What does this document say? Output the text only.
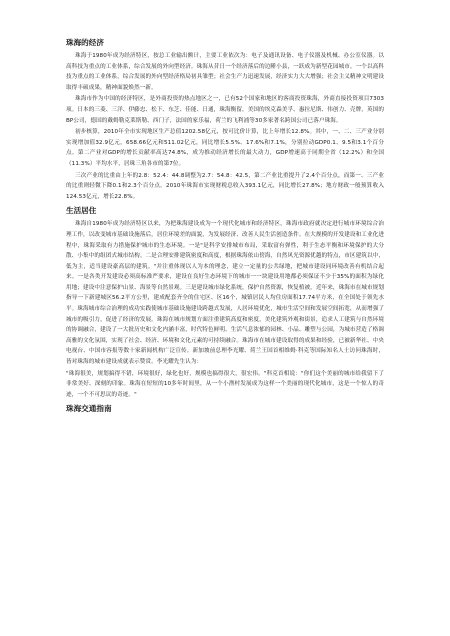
珠海的经济

珠海于1980年成为经济特区，按总工业输出额计，主要工业依次为：电子及通讯设备、电子仪器及机械、办公室仪器。以高科技为重点的工业体系，综合发展的外向型经济。珠海从昔日一个经济落后的边陲小县，一跃成为新型花园城市。一个以高科技为重点的工业体系，综合发展的外向型经济格局初具雏型；社会生产力迅速发展，经济实力大大增强；社会主义精神文明建设取得丰硕成果，精神面貌焕然一新。

珠海市作为中国的经济特区，是外商投资的热点地区之一，已有52个国家和地区的客商投资珠海，外商直接投资项目7303项。日本的三菱、三洋、伊藤忠、松下、东芝、佳能、日通，珠海衡留，美国的埃克森美孚、惠拉尼斯、伟创力、壳牌，英国的BP公司，德国的戴姆勒克莱斯勒、西门子，法国的家乐福，荷兰的飞利浦等30多家著名跨国公司已落户珠海。

初步核算，2010年全市实现地区生产总值1202.58亿元，按可比价计算，比上年增长12.8%。其中，一、二、三产业分别实现增加值32.9亿元，658.66亿元和511.02亿元，同比增长5.5%、17.6%和7.1%，分别拉动GDP0.1、9.5和3.1个百分点。第二产业对GDP的增长贡献率高达74.8%，成为推动经济增长的最大动力，GDP增速高于同期全省（12.2%）和全国（11.3%）平均水平，居珠三角各市的第7位。

三次产业的比重由上年的2.8：52.4：44.8调整为2.7：54.8：42.5，第二产业比重提升了2.4个百分点，而第一、三产业的比重则轻微下降0.1和2.3个百分点。2010年珠海市实现财税总收入393.1亿元，同比增长27.8%；地方财政一般预算收入124.53亿元，增长22.8%。

生活居住

珠海自1980年成为经济特区以来，为把珠海建设成为一个现代化城市和经济特区，珠海市政府就决定进行城市环境综合治理工作，以改变城市基础设施落后，居住环境差的面貌，为发展经济、改善人民生活创造条件。在大规模的开发建设和工业化进程中，珠海采取有力措施保护城市的生态环境。一是"是科学安排城市布局，采取富有弹性，利于生态平衡和环境保护的大分散、小集中的组团式城市结构。二是合理安排建筑密度和高度，根据珠海依山傍海，自然风光资源优越的特点，市区建筑以中，低为主，适当建设豪高层的建筑。"并注重体现以人为本的理念，建立一定量的公共绿地，把城市建设同环境改善有机结合起来。一是各类开发建设必须高标准严要求，建设在良好生态环境下的城市一一块建设用地都必须保证不少于35%的面积为绿化用地；建设中注意保护山景、海景等自然景观。三是建设城市绿化系统，保护自然资源，恢复植被，近年来，珠海市在城市规划指导一下新建城区56.2平方公里，建成配套齐全的住宅区、区16个，城镇居民人均住房面积17.74平方米，在全国处于领先水平。珠海城市综合治理的成功实践使城市基础设施建设跨越式发展，人居环境优化，城市生活空间和发展空间拓宽，从而增强了城市的吸引力，促进了经济的发展。珠海在城市规划方面注重建筑高度和密度，美化建筑外观和街景，追求人工建筑与自然环境的协调融合，建设了一大批历史和文化内涵丰富，时代特色鲜明、生活气息浓郁的园林、小品、雕塑与公园，为城市营造了格调高雅的文化氛围，实现了社会、经济、环境和文化元素的可持续融合。珠海市在城市建设取得的成果和经验，已被新华社、中央电视台、中国市容报等数十家新闻机构广泛宣传。新加坡前总理李光耀、荷兰王国首相维姆·科克等国际知名人士访问珠海时，皆对珠海的城市建设成就表示赞赏。李光耀先生认为：

"珠海很美，规划搞得不错，环境很好，绿化也好，规模也搞得很大，很宏伟。"科克首相说："你们这个美丽的城市给我留下了非常美好、深刻的印象。珠海在短短的10多年时间里，从一个小渔村发展成为这样一个美丽的现代化城市，这是一个惊人的奇迹，一个不可思议的奇迹。"

珠海交通指南
